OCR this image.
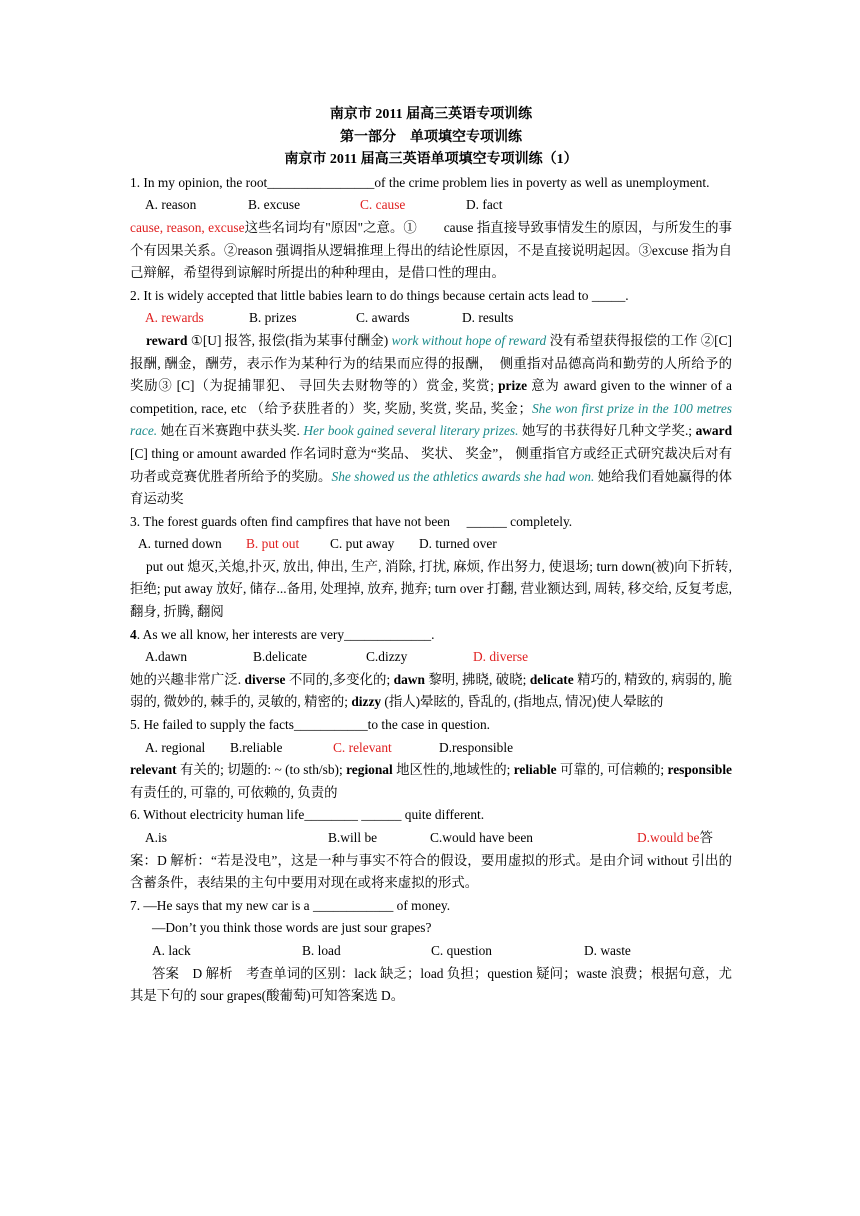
南京市 2011 届高三英语专项训练
第一部分　单项填空专项训练
南京市 2011 届高三英语单项填空专项训练（1）

1. In my opinion, the root________________of the crime problem lies in poverty as well as unemployment.

A. reason	B. excuse	C. cause	D. fact

cause, reason, excuse这些名词均有"原因"之意。①　　cause 指直接导致事情发生的原因，与所发生的事个有因果关系。②reason 强调指从逻辑推理上得出的结论性原因，不是直接说明起因。③excuse 指为自己辩解，希望得到谅解时所提出的种种理由，是借口性的理由。

2. It is widely accepted that little babies learn to do things because certain acts lead to _____.

A. rewards	B. prizes	C. awards	D. results

reward ①[U] 报答, 报偿(指为某事付酬金) work without hope of reward 没有希望获得报偿的工作 ②[C]报酬, 酬金，酬劳，表示作为某种行为的结果而应得的报酬，　侧重指对品德高尚和勤劳的人所给予的奖励③ [C]（为捉捕罪犯、 寻回失去财物等的）赏金, 奖赏; prize 意为 award given to the winner of a competition, race, etc （给予获胜者的）奖, 奖励, 奖赏, 奖品, 奖金；She won first prize in the 100 metres race. 她在百米赛跑中获头奖. Her book gained several literary prizes. 她写的书获得好几种文学奖.; award [C] thing or amount awarded 作名词时意为“奖品、 奖状、 奖金”， 侧重指官方或经正式研究裁决后对有功者或竞赛优胜者所给予的奖励。She showed us the athletics awards she had won. 她给我们看她赢得的体育运动奖

3. The forest guards often find campfires that have not been　 ______ completely.

A. turned down	B. put out	C. put away	D. turned over

put out 熄灭,关熄,扑灭, 放出, 伸出, 生产, 消除, 打扰, 麻烦, 作出努力, 使退场; turn down(被)向下折转, 拒绝; put away 放好, 储存...备用, 处理掉, 放弃, 抛弃; turn over 打翻, 营业额达到, 周转, 移交给, 反复考虑, 翻身, 折腾, 翻阅

4. As we all know, her interests are very_____________.

A.dawn	B.delicate	C.dizzy	D. diverse

她的兴趣非常广泛. diverse 不同的,多变化的; dawn 黎明, 拂晓, 破晓; delicate 精巧的, 精致的, 病弱的, 脆弱的, 微妙的, 棘手的, 灵敏的, 精密的; dizzy (指人)晕眩的, 昏乱的, (指地点, 情况)使人晕眩的

5. He failed to supply the facts___________to the case in question.

A. regional	B.reliable	C. relevant	D.responsible

relevant 有关的; 切题的: ~ (to sth/sb); regional 地区性的,地域性的; reliable 可靠的, 可信赖的; responsible 有责任的, 可靠的, 可依赖的, 负责的

6. Without electricity human life________ ______ quite different.

A.is	B.will be	C.would have been	D.would be 答

案：D 解析：“若是没电”，这是一种与事实不符合的假设，要用虚拟的形式。是由介词 without 引出的含蓄条件，表结果的主句中要用对现在或将来虚拟的形式。

7. —He says that my new car is a ____________ of money.

—Don’t you think those words are just sour grapes?

A. lack	B. load	C. question	D. waste

答案　D 解析　考查单词的区别：lack 缺乏；load 负担；question 疑问；waste 浪费；根据句意，尤其是下句的 sour grapes(酸葡萄)可知答案选 D。
